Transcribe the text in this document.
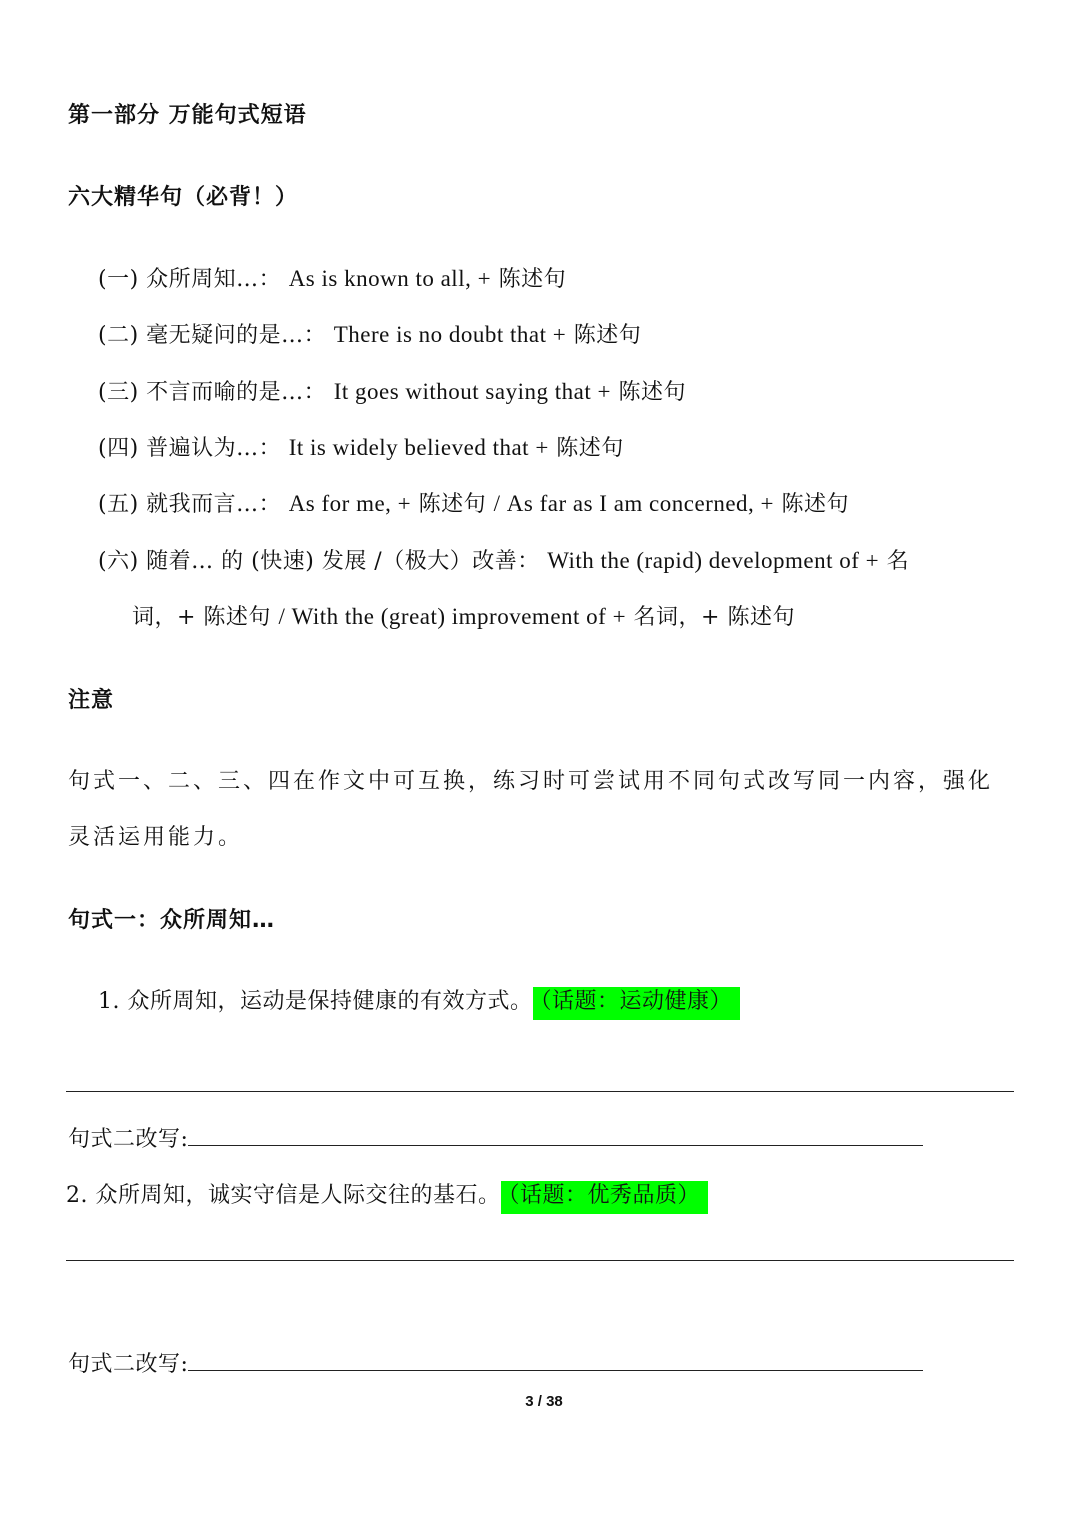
第一部分 万能句式短语
六大精华句（必背！）
(一) 众所周知…： As is known to all, + 陈述句
(二) 毫无疑问的是…： There is no doubt that + 陈述句
(三) 不言而喻的是…： It goes without saying that + 陈述句
(四) 普遍认为…： It is widely believed that + 陈述句
(五) 就我而言…： As for me, + 陈述句 / As far as I am concerned, + 陈述句
(六) 随着… 的 (快速) 发展 /（极大）改善： With the (rapid) development of + 名
词，+ 陈述句 / With the (great) improvement of + 名词，+ 陈述句
注意
句式一、二、三、四在作文中可互换，练习时可尝试用不同句式改写同一内容，强化
灵活运用能力。
句式一：众所周知…
1. 众所周知，运动是保持健康的有效方式。 （话题：运动健康）
句式二改写:
2. 众所周知，诚实守信是人际交往的基石。 （话题：优秀品质）
句式二改写:
3 / 38
